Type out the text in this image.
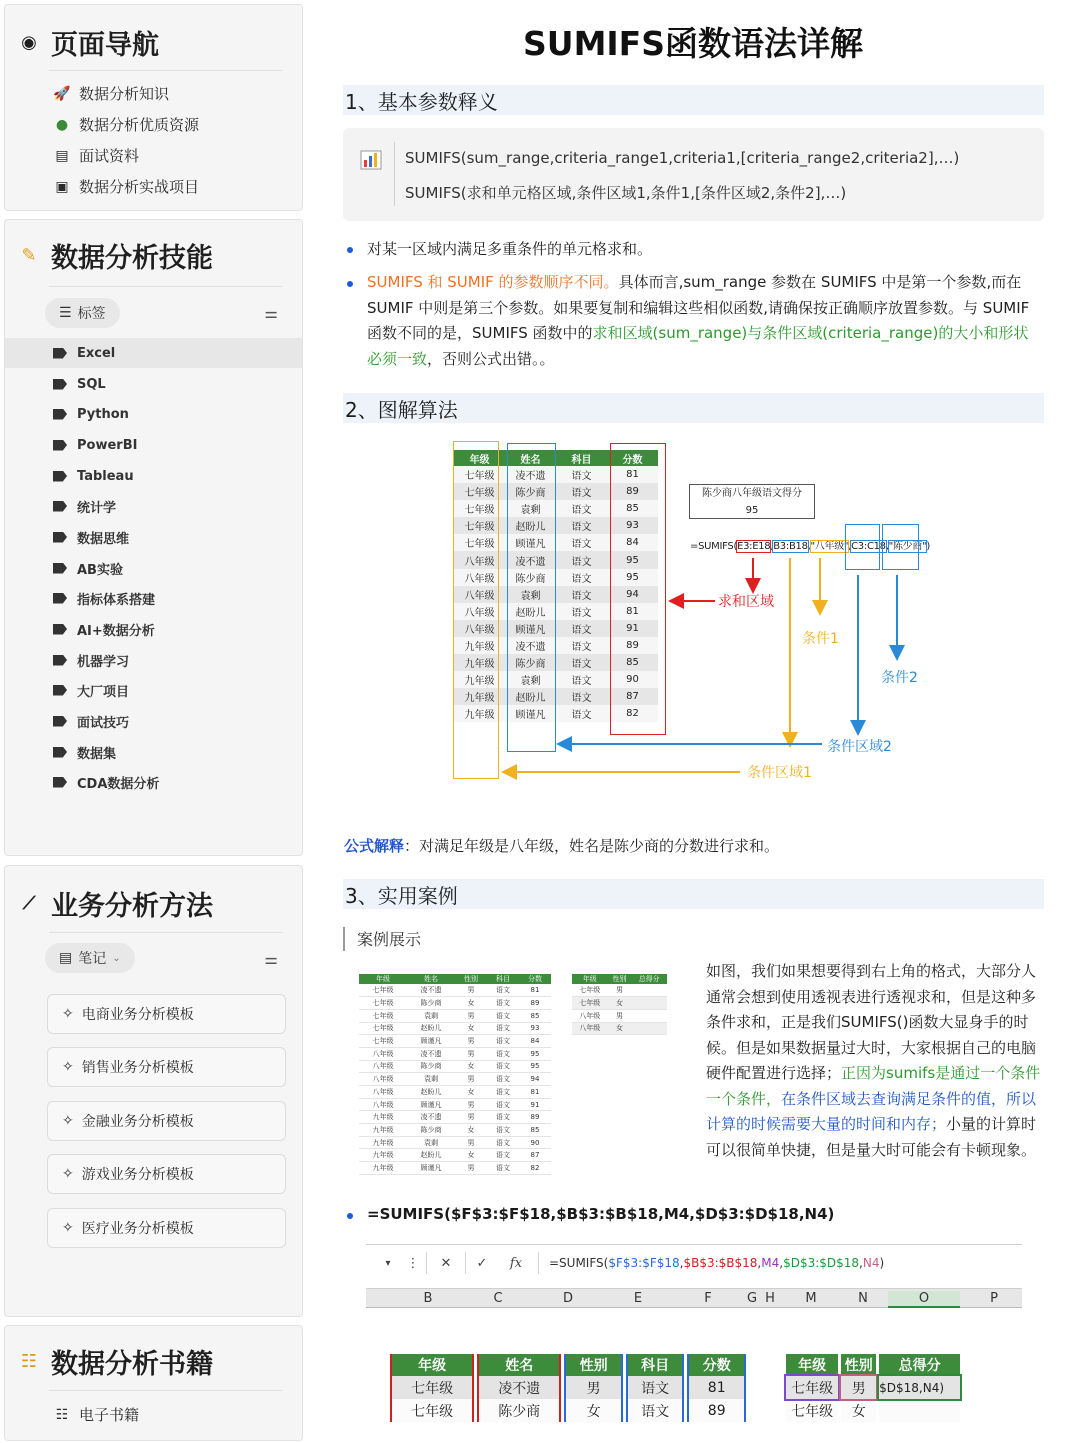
◉ 页面导航
🚀 数据分析知识
● 数据分析优质资源
▤ 面试资料
▣ 数据分析实战项目
✎ 数据分析技能
☰ 标签	⚌
Excel
SQL
Python
PowerBI
Tableau
统计学
数据思维
AB实验
指标体系搭建
AI+数据分析
机器学习
大厂项目
面试技巧
数据集
CDA数据分析
⟋ 业务分析方法
▤ 笔记 ⌄	⚌
✧ 电商业务分析模板
✧ 销售业务分析模板
✧ 金融业务分析模板
✧ 游戏业务分析模板
✧ 医疗业务分析模板
☷ 数据分析书籍
☷ 电子书籍
SUMIFS函数语法详解
1、基本参数释义
SUMIFS(sum_range,criteria_range1,criteria1,[criteria_range2,criteria2],…)
SUMIFS(求和单元格区域,条件区域1,条件1,[条件区域2,条件2],…)
对某一区域内满足多重条件的单元格求和。
SUMIFS 和 SUMIF 的参数顺序不同。具体而言,sum_range 参数在 SUMIFS 中是第一个参数,而在 SUMIF 中则是第三个参数。如果要复制和编辑这些相似函数,请确保按正确顺序放置参数。与 SUMIF函数不同的是，SUMIFS 函数中的求和区域(sum_range)与条件区域(criteria_range)的大小和形状必须一致，否则公式出错。。
2、图解算法
年级	姓名	科目	分数
七年级	凌不遗	语文	81
七年级	陈少商	语文	89
七年级	袁剩	语文	85
七年级	赵盼儿	语文	93
七年级	顾谨凡	语文	84
八年级	凌不遗	语文	95
八年级	陈少商	语文	95
八年级	袁剩	语文	94
八年级	赵盼儿	语文	81
八年级	顾谨凡	语文	91
九年级	凌不遗	语文	89
九年级	陈少商	语文	85
九年级	袁剩	语文	90
九年级	赵盼儿	语文	87
九年级	顾谨凡	语文	82
陈少商八年级语文得分
95
=SUMIFS(E3:E18,B3:B18,"八年级",C3:C18,"陈少商")
求和区域
条件1
条件2
条件区域2
条件区域1
公式解释：对满足年级是八年级，姓名是陈少商的分数进行求和。
3、实用案例
案例展示
年级	姓名	性别	科目	分数
七年级	凌不遗	男	语文	81
七年级	陈少商	女	语文	89
七年级	袁剩	男	语文	85
七年级	赵盼儿	女	语文	93
七年级	顾谨凡	男	语文	84
八年级	凌不遗	男	语文	95
八年级	陈少商	女	语文	95
八年级	袁剩	男	语文	94
八年级	赵盼儿	女	语文	81
八年级	顾谨凡	男	语文	91
九年级	凌不遗	男	语文	89
九年级	陈少商	女	语文	85
九年级	袁剩	男	语文	90
九年级	赵盼儿	女	语文	87
九年级	顾谨凡	男	语文	82
年级	性别	总得分
七年级	男	
七年级	女	
八年级	男	
八年级	女	
如图，我们如果想要得到右上角的格式，大部分人通常会想到使用透视表进行透视求和，但是这种多条件求和，正是我们SUMIFS()函数大显身手的时候。但是如果数据量过大时，大家根据自己的电脑硬件配置进行选择；正因为sumifs是通过一个条件一个条件，在条件区域去查询满足条件的值，所以计算的时候需要大量的时间和内存；小量的计算时可以很简单快捷，但是量大时可能会有卡顿现象。
=SUMIFS($F$3:$F$18,$B$3:$B$18,M4,$D$3:$D$18,N4)
▾	⋮	✕	✓	fx	=SUMIFS($F$3:$F$18,$B$3:$B$18,M4,$D$3:$D$18,N4)
B	C	D	E	F	G H	M	N	O	P
年级	姓名	性别	科目	分数
七年级	凌不遗	男	语文	81
七年级	陈少商	女	语文	89
年级	性别	总得分
七年级	男	$D$18,N4)
七年级	女	
